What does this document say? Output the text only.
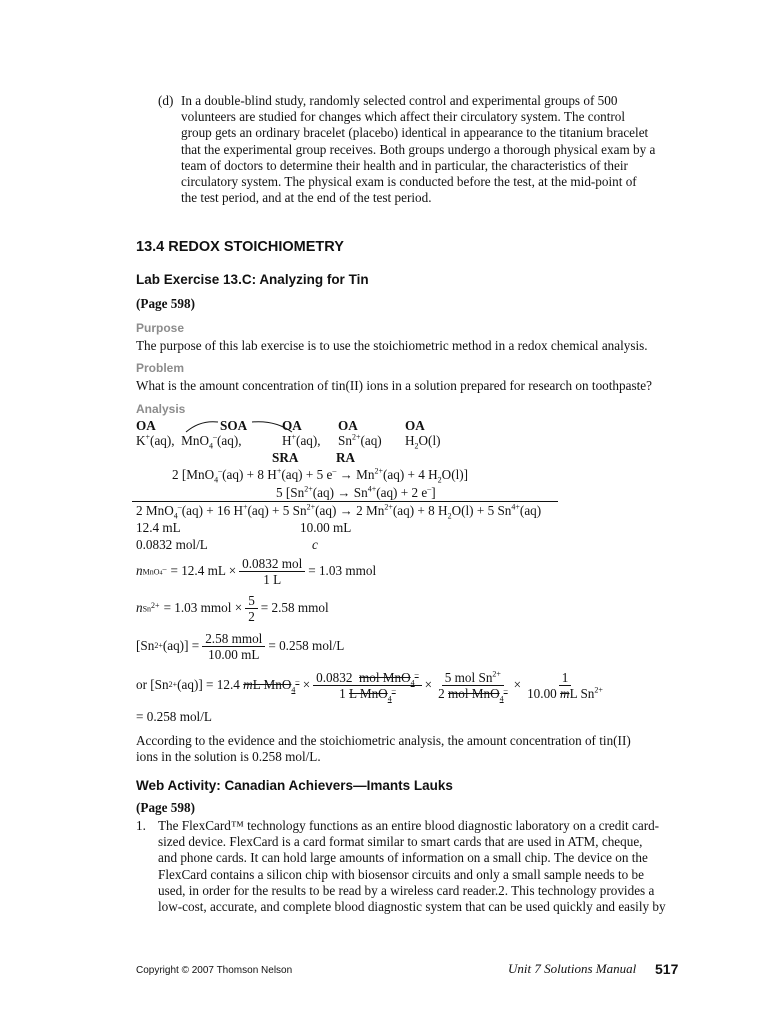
(d) In a double-blind study, randomly selected control and experimental groups of 500
volunteers are studied for changes which affect their circulatory system. The control
group gets an ordinary bracelet (placebo) identical in appearance to the titanium bracelet
that the experimental group receives. Both groups undergo a thorough physical exam by a
team of doctors to determine their health and in particular, the characteristics of their
circulatory system. The physical exam is conducted before the test, at the mid-point of
the test period, and at the end of the test period.
13.4 REDOX STOICHIOMETRY
Lab Exercise 13.C: Analyzing for Tin
(Page 598)
Purpose
The purpose of this lab exercise is to use the stoichiometric method in a redox chemical analysis.
Problem
What is the amount concentration of tin(II) ions in a solution prepared for research on toothpaste?
Analysis
OA	SOA	OA	OA	OA
K+(aq), MnO$_4$–(aq),	H+(aq), $Sn^{2+}(aq)$ $H_2O(l)$
SRA	RA
2 [MnO$_4$–(aq) + 8 H+(aq) + 5 $e^- \to Mn^{2+}(aq) + 4$ $H_2O(l)$]
5 [$Sn^{2+}(aq) \to Sn^{4+}(aq) + 2$ e–]
2 MnO$_4$–(aq) + 16 H+(aq) + 5 $Sn^{2+}(aq) \to 2$ $Mn^{2+}(aq) + 8$ $H_2O(l) + 5$ $Sn^{4+}(aq)$
12.4 mL	10.00 mL
0.0832 mol/L	c
n MnO4– = 12.4 mL × $\frac{\text{0.0832 mol}}{1 L} = 1.03$ mmol
n $Sn^{2+} = 1.03$ mmol × $\frac{5}{2} = 2.58$ mmol
[Sn $2+ (aq)] = \frac{\text{2.58 mmol}}{10.00 mL} = 0.258$ mol/L
or [Sn 2+ (aq)] = 12.4
m L MnO$_4$–
× $\frac{0.0832 mol MnO_4^-}{1 L MnO_4^-} \times \frac{5 mol Sn^{2+}}{2 mol MnO_4^-} \times \frac{1}{10.00 mL Sn^{2+}}$
= 0.258 mol/L
According to the evidence and the stoichiometric analysis, the amount concentration of tin(II)
ions in the solution is 0.258 mol/L.
Web Activity: Canadian Achievers—Imants Lauks
(Page 598)
1. The FlexCard™ technology functions as an entire blood diagnostic laboratory on a credit card-
sized device. FlexCard is a card format similar to smart cards that are used in ATM, cheque,
and phone cards. It can hold large amounts of information on a small chip. The device on the
FlexCard contains a silicon chip with biosensor circuits and only a small sample needs to be
used, in order for the results to be read by a wireless card reader.2. This technology provides a
low-cost, accurate, and complete blood diagnostic system that can be used quickly and easily by
Copyright © 2007 Thomson Nelson	Unit 7 Solutions Manual 517
